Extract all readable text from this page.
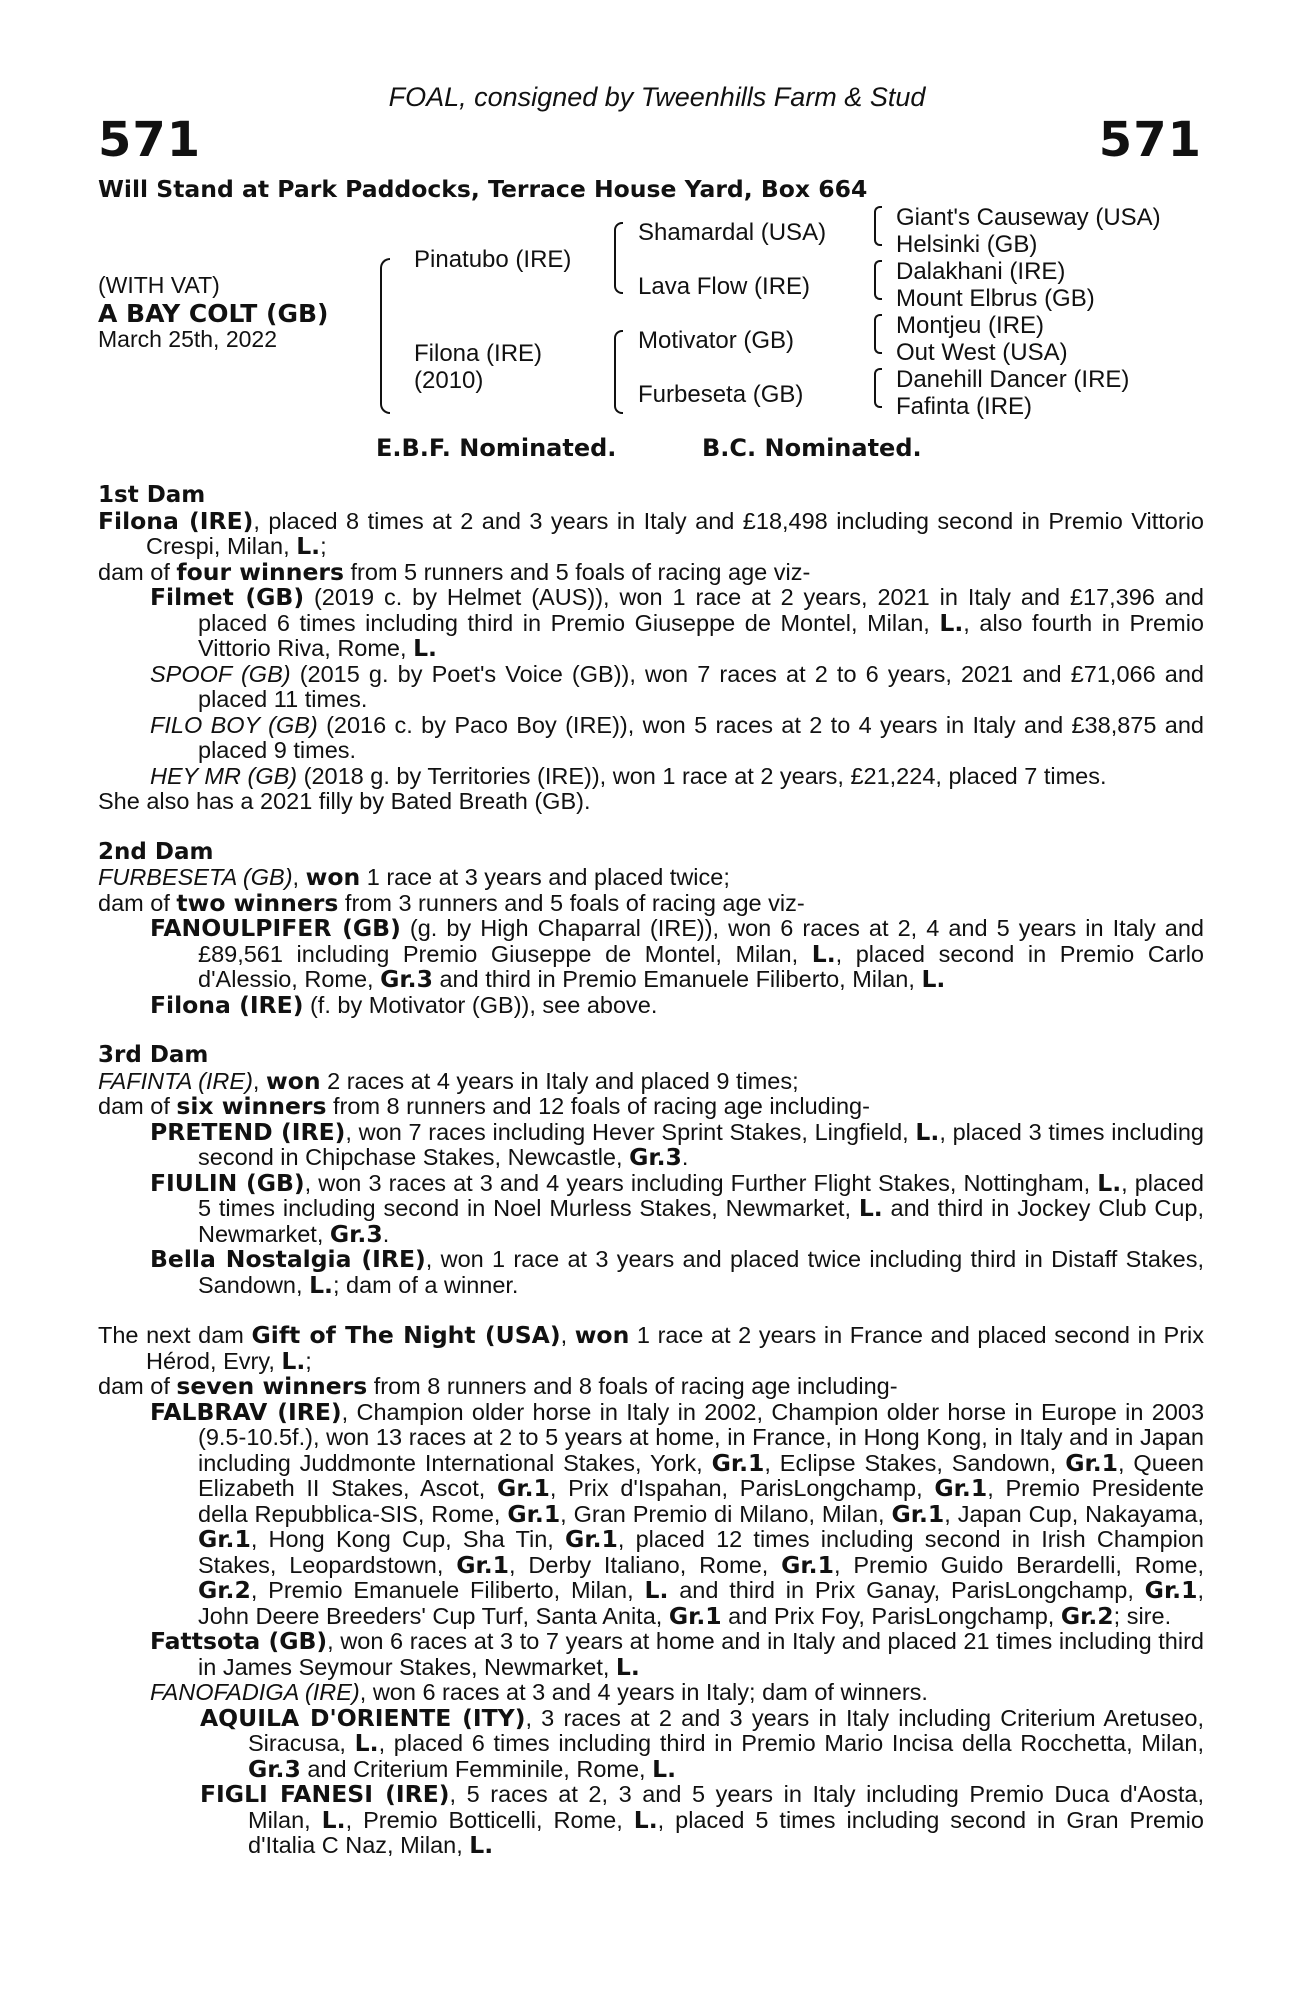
FOAL, consigned by Tweenhills Farm & Stud
571	571
Will Stand at Park Paddocks, Terrace House Yard, Box 664
(WITH VAT)
A BAY COLT (GB)
March 25th, 2022
Pinatubo (IRE)
Filona (IRE)
(2010)
Shamardal (USA)
Lava Flow (IRE)
Motivator (GB)
Furbeseta (GB)
Giant's Causeway (USA)
Helsinki (GB)
Dalakhani (IRE)
Mount Elbrus (GB)
Montjeu (IRE)
Out West (USA)
Danehill Dancer (IRE)
Fafinta (IRE)
E.B.F. Nominated.	B.C. Nominated.
1st Dam
Filona (IRE), placed 8 times at 2 and 3 years in Italy and £18,498 including second in Premio Vittorio Crespi, Milan, L.;
dam of four winners from 5 runners and 5 foals of racing age viz-
Filmet (GB) (2019 c. by Helmet (AUS)), won 1 race at 2 years, 2021 in Italy and £17,396 and placed 6 times including third in Premio Giuseppe de Montel, Milan, L., also fourth in Premio Vittorio Riva, Rome, L.
SPOOF (GB) (2015 g. by Poet's Voice (GB)), won 7 races at 2 to 6 years, 2021 and £71,066 and placed 11 times.
FILO BOY (GB) (2016 c. by Paco Boy (IRE)), won 5 races at 2 to 4 years in Italy and £38,875 and placed 9 times.
HEY MR (GB) (2018 g. by Territories (IRE)), won 1 race at 2 years, £21,224, placed 7 times.
She also has a 2021 filly by Bated Breath (GB).
2nd Dam
FURBESETA (GB), won 1 race at 3 years and placed twice;
dam of two winners from 3 runners and 5 foals of racing age viz-
FANOULPIFER (GB) (g. by High Chaparral (IRE)), won 6 races at 2, 4 and 5 years in Italy and £89,561 including Premio Giuseppe de Montel, Milan, L., placed second in Premio Carlo d'Alessio, Rome, Gr.3 and third in Premio Emanuele Filiberto, Milan, L.
Filona (IRE) (f. by Motivator (GB)), see above.
3rd Dam
FAFINTA (IRE), won 2 races at 4 years in Italy and placed 9 times;
dam of six winners from 8 runners and 12 foals of racing age including-
PRETEND (IRE), won 7 races including Hever Sprint Stakes, Lingfield, L., placed 3 times including second in Chipchase Stakes, Newcastle, Gr.3.
FIULIN (GB), won 3 races at 3 and 4 years including Further Flight Stakes, Nottingham, L., placed 5 times including second in Noel Murless Stakes, Newmarket, L. and third in Jockey Club Cup, Newmarket, Gr.3.
Bella Nostalgia (IRE), won 1 race at 3 years and placed twice including third in Distaff Stakes, Sandown, L.; dam of a winner.
The next dam Gift of The Night (USA), won 1 race at 2 years in France and placed second in Prix Hérod, Evry, L.;
dam of seven winners from 8 runners and 8 foals of racing age including-
FALBRAV (IRE), Champion older horse in Italy in 2002, Champion older horse in Europe in 2003 (9.5-10.5f.), won 13 races at 2 to 5 years at home, in France, in Hong Kong, in Italy and in Japan including Juddmonte International Stakes, York, Gr.1, Eclipse Stakes, Sandown, Gr.1, Queen Elizabeth II Stakes, Ascot, Gr.1, Prix d'Ispahan, ParisLongchamp, Gr.1, Premio Presidente della Repubblica-SIS, Rome, Gr.1, Gran Premio di Milano, Milan, Gr.1, Japan Cup, Nakayama, Gr.1, Hong Kong Cup, Sha Tin, Gr.1, placed 12 times including second in Irish Champion Stakes, Leopardstown, Gr.1, Derby Italiano, Rome, Gr.1, Premio Guido Berardelli, Rome, Gr.2, Premio Emanuele Filiberto, Milan, L. and third in Prix Ganay, ParisLongchamp, Gr.1, John Deere Breeders' Cup Turf, Santa Anita, Gr.1 and Prix Foy, ParisLongchamp, Gr.2; sire.
Fattsota (GB), won 6 races at 3 to 7 years at home and in Italy and placed 21 times including third in James Seymour Stakes, Newmarket, L.
FANOFADIGA (IRE), won 6 races at 3 and 4 years in Italy; dam of winners.
AQUILA D'ORIENTE (ITY), 3 races at 2 and 3 years in Italy including Criterium Aretuseo, Siracusa, L., placed 6 times including third in Premio Mario Incisa della Rocchetta, Milan, Gr.3 and Criterium Femminile, Rome, L.
FIGLI FANESI (IRE), 5 races at 2, 3 and 5 years in Italy including Premio Duca d'Aosta, Milan, L., Premio Botticelli, Rome, L., placed 5 times including second in Gran Premio d'Italia C Naz, Milan, L.
